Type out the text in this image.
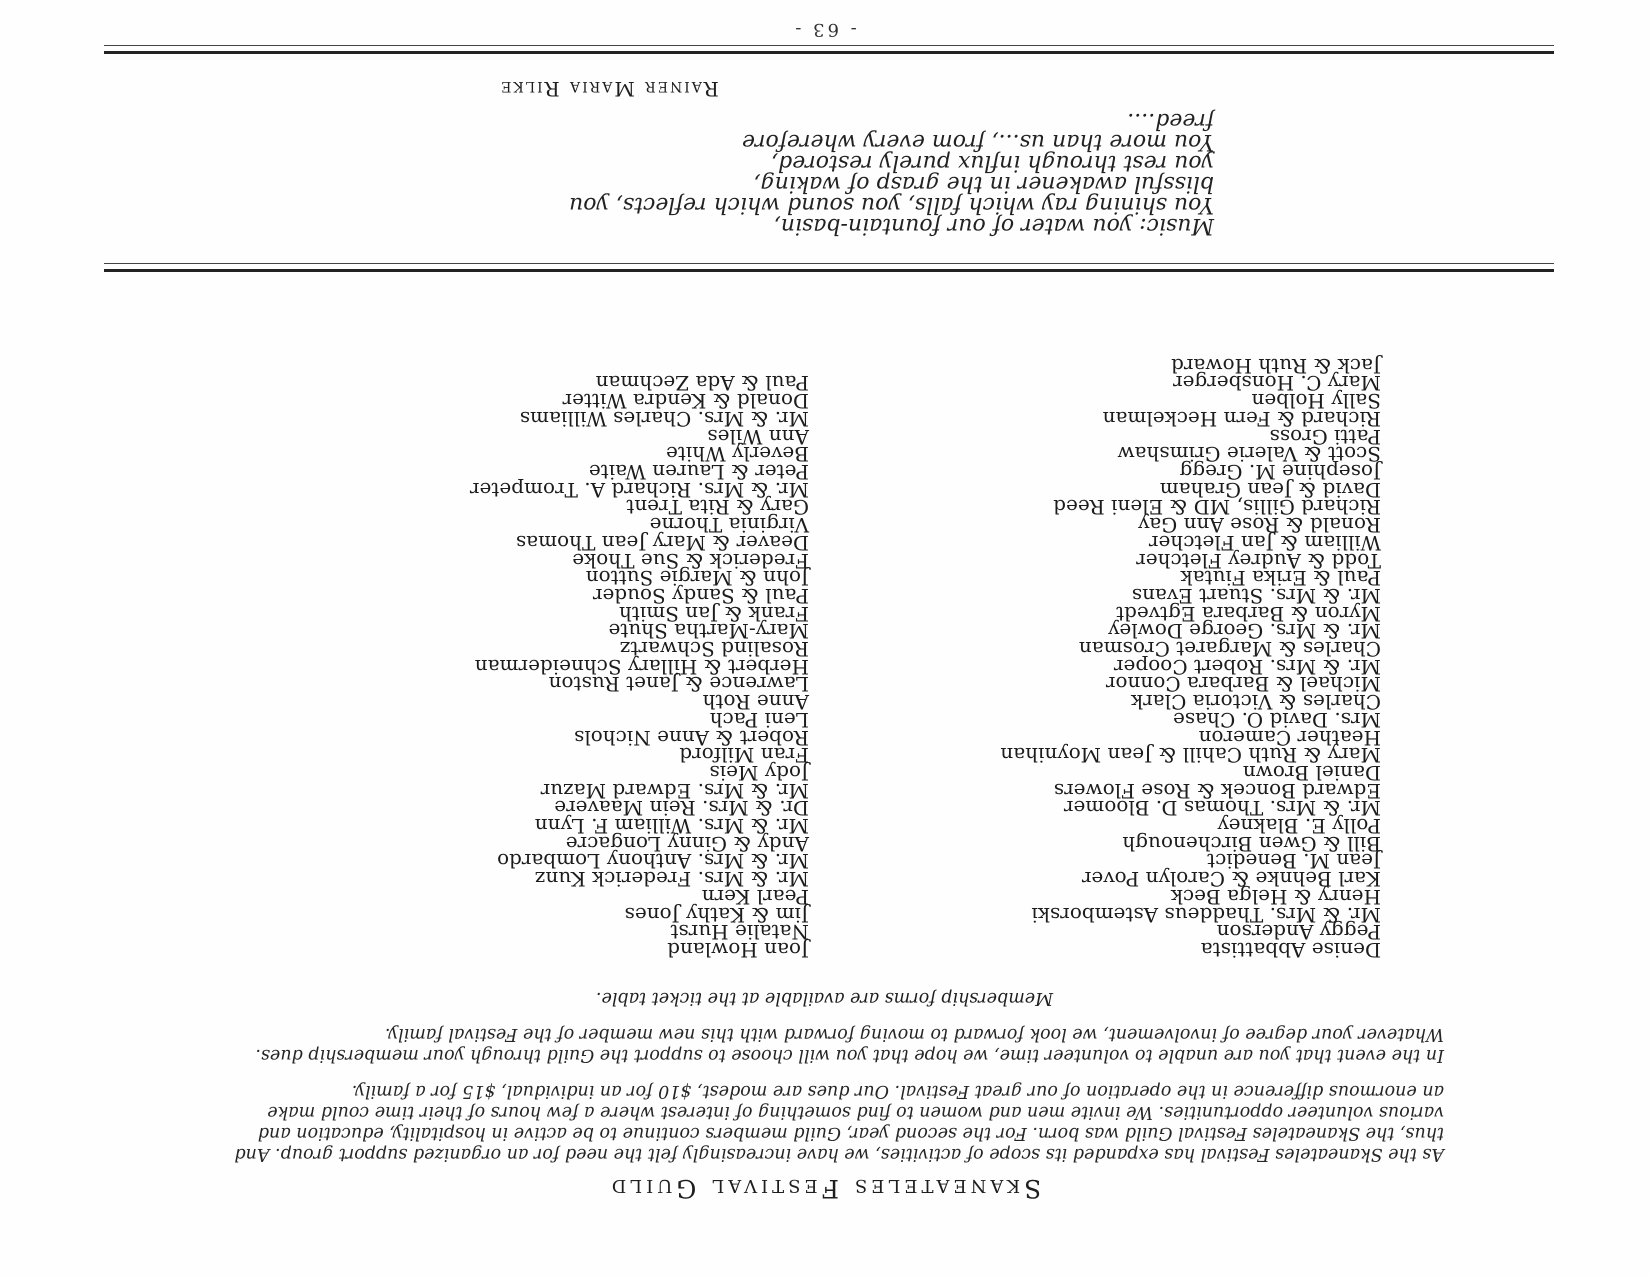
- 63 -

Music: you water of our fountain-basin,

You shining ray which falls, you sound which reflects, you

blissful awakener in the grasp of waking,

you rest through influx purely restored,

You more than us..., from every wherefore

freed....

Rainer Maria Rilke
Skaneateles Festival Guild

As the Skaneateles Festival has expanded its scope of activities, we have increasingly felt the need for an organized support group. And

thus, the Skaneateles Festival Guild was born. For the second year, Guild members continue to be active in hospitality, education and

various volunteer opportunities. We invite men and women to find something of interest where a few hours of their time could make

an enormous difference in the operation of our great Festival. Our dues are modest, $10 for an individual, $15 for a family.

In the event that you are unable to volunteer time, we hope that you will choose to support the Guild through your membership dues.

Whatever your degree of involvement, we look forward to moving forward with this new member of the Festival family.

Membership forms are available at the ticket table.
Denise Abbattista
Peggy Anderson
Mr. & Mrs. Thaddeus Astemborski
Henry & Helga Beck
Karl Behnke & Carolyn Pover
Jean M. Benedict
Bill & Gwen Birchenough
Polly E. Blakney
Mr. & Mrs. Thomas D. Bloomer
Edward Boncek & Rose Flowers
Daniel Brown
Mary & Ruth Cahill & Jean Moynihan
Heather Cameron
Mrs. David O. Chase
Charles & Victoria Clark
Michael & Barbara Connor
Mr. & Mrs. Robert Cooper
Charles & Margaret Crosman
Mr. & Mrs. George Dowley
Myron & Barbara Egtvedt
Mr. & Mrs. Stuart Evans
Paul & Erika Fiutak
Todd & Audrey Fletcher
William & Jan Fletcher
Ronald & Rose Ann Gay
Richard Gillis, MD & Eleni Reed
David & Jean Graham
Josephine M. Gregg
Scott & Valerie Grimshaw
Patti Gross
Richard & Fern Heckelman
Sally Holben
Mary C. Honsberger
Jack & Ruth Howard
Joan Howland
Natalie Hurst
Jim & Kathy Jones
Pearl Kern
Mr. & Mrs. Frederick Kunz
Mr. & Mrs. Anthony Lombardo
Andy & Ginny Longacre
Mr. & Mrs. William F. Lynn
Dr. & Mrs. Rein Maavere
Mr. & Mrs. Edward Mazur
Jody Meis
Fran Milford
Robert & Anne Nichols
Leni Pach
Anne Roth
Lawrence & Janet Ruston
Herbert & Hillary Schneiderman
Rosalind Schwartz
Mary-Martha Shute
Frank & Jan Smith
Paul & Sandy Souder
John & Margie Sutton
Frederick & Sue Thoke
Deaver & Mary Jean Thomas
Virginia Thorne
Gary & Rita Trent
Mr. & Mrs. Richard A. Trompeter
Peter & Lauren Waite
Beverly White
Ann Wiles
Mr. & Mrs. Charles Williams
Donald & Kendra Witter
Paul & Ada Zechman
